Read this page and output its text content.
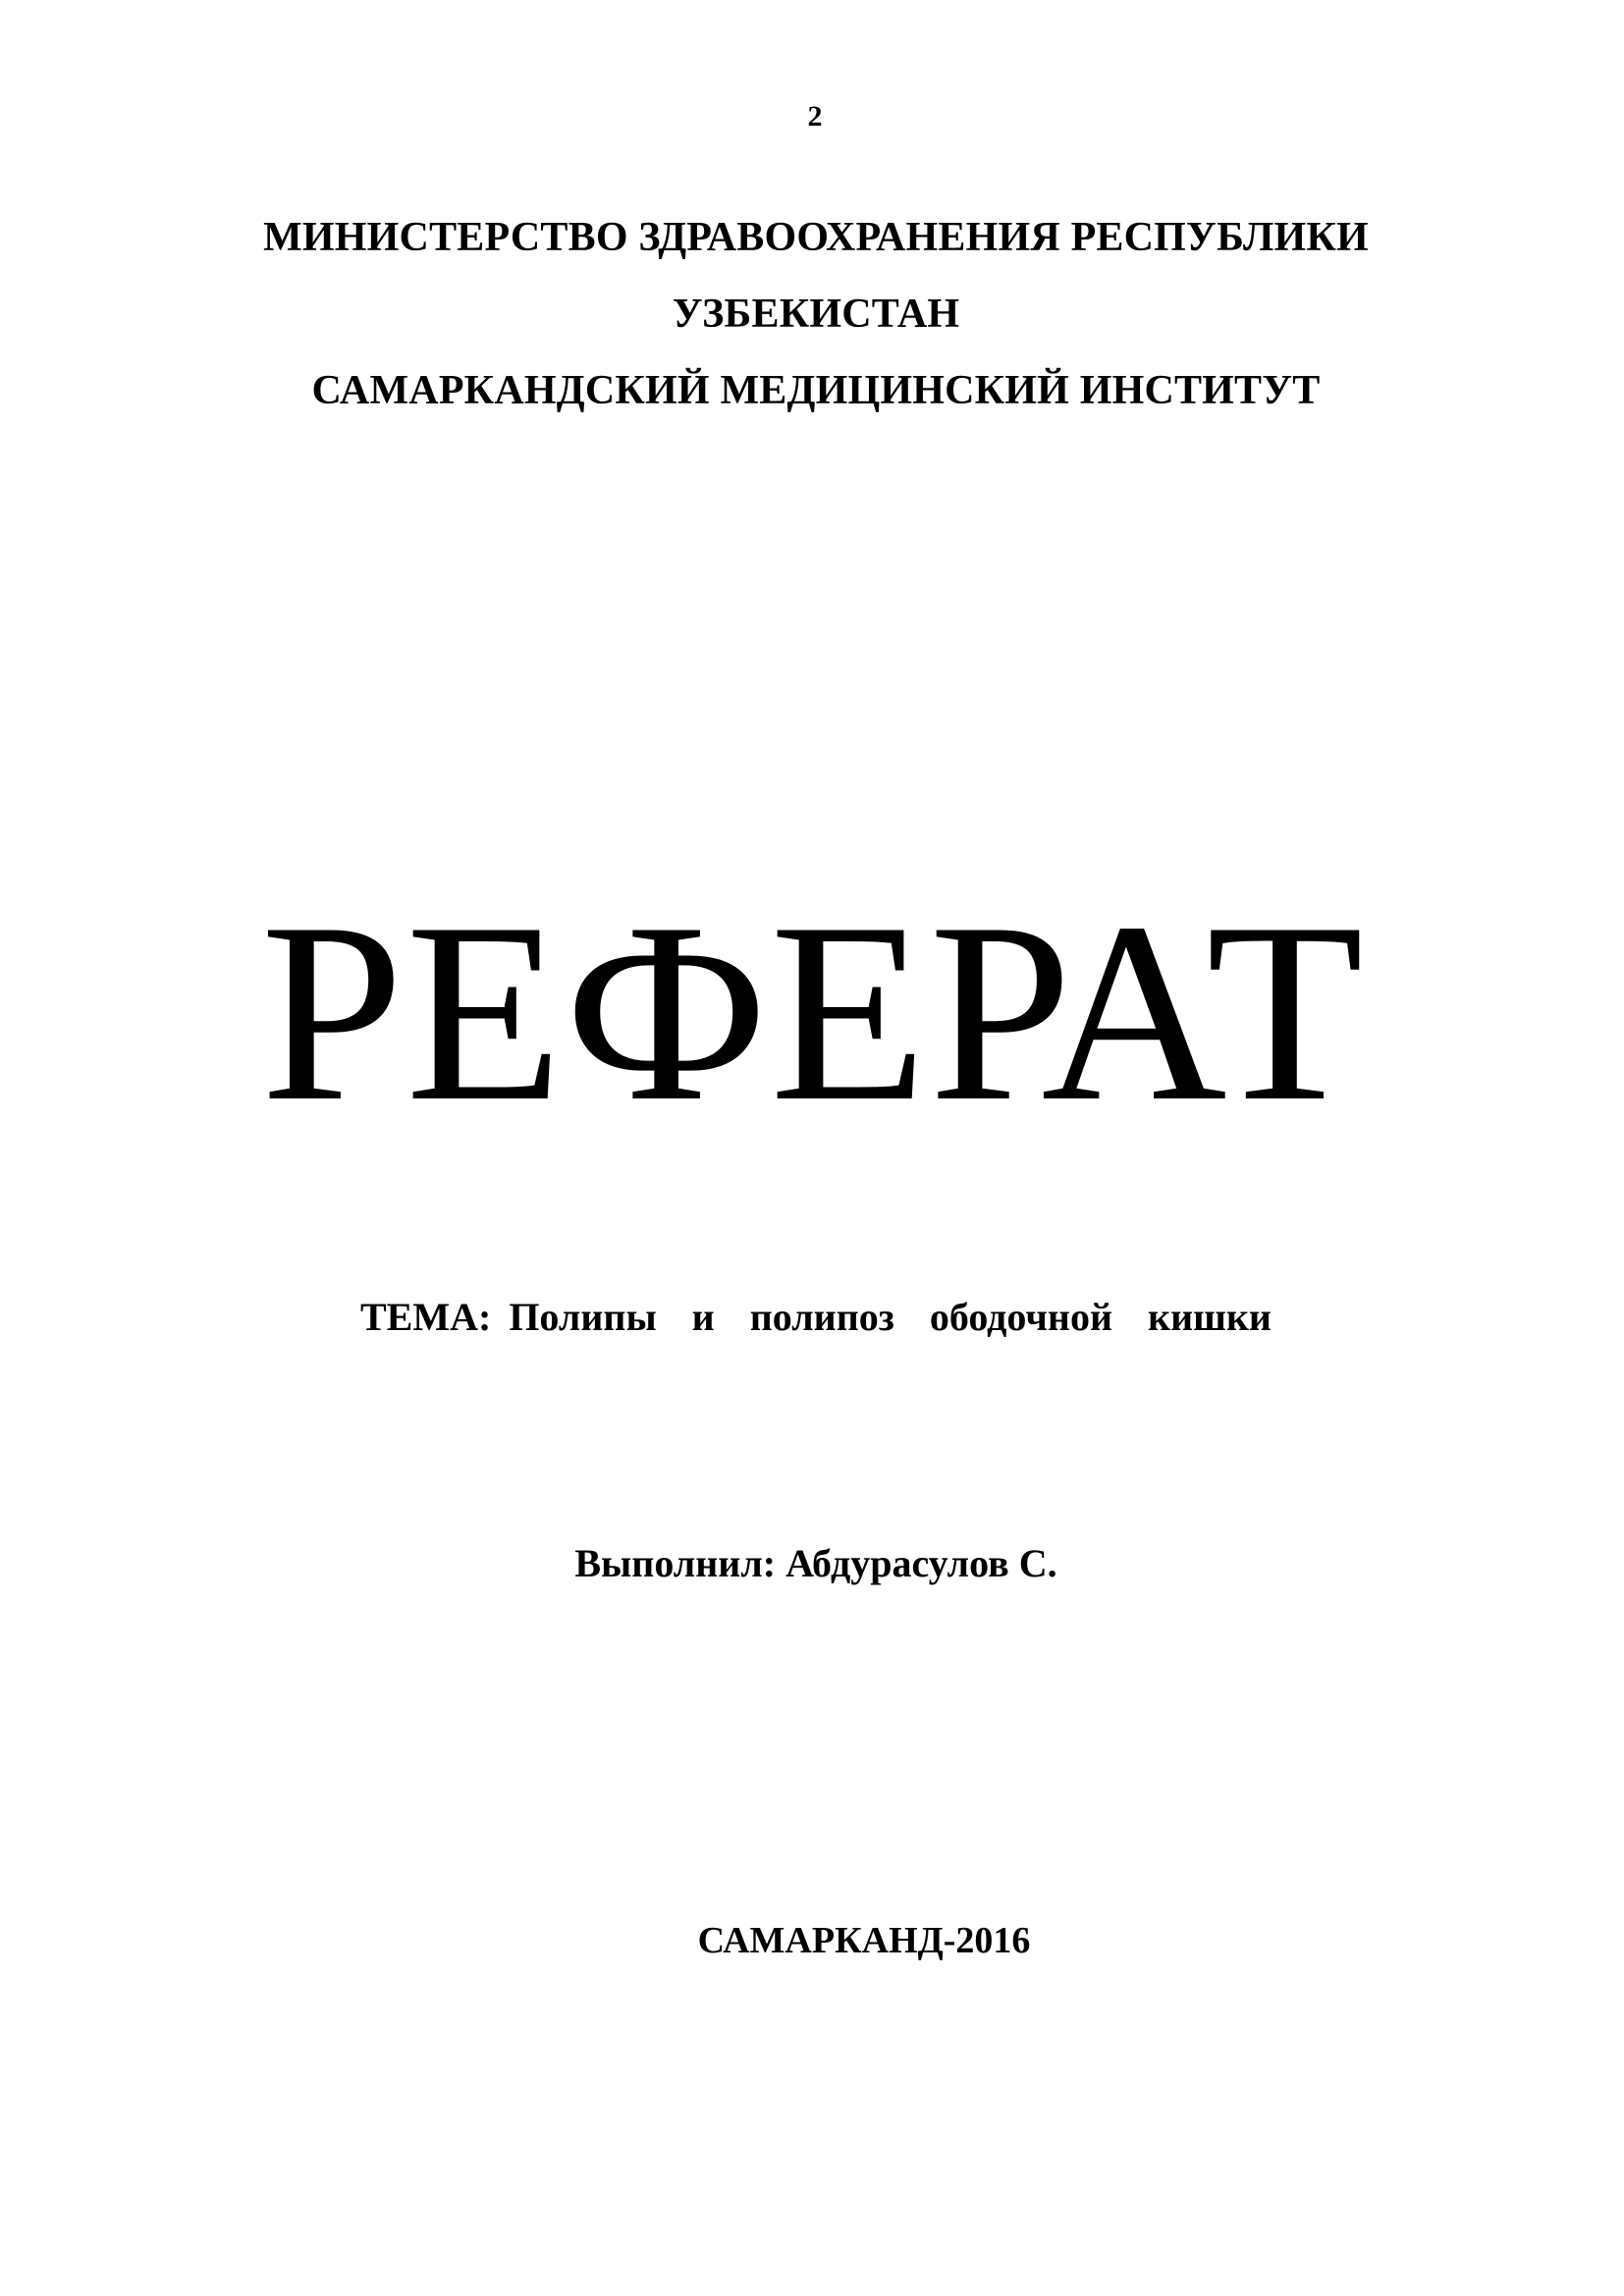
2
МИНИСТЕРСТВО ЗДРАВООХРАНЕНИЯ РЕСПУБЛИКИ
УЗБЕКИСТАН
САМАРКАНДСКИЙ МЕДИЦИНСКИЙ ИНСТИТУТ
РЕФЕРАТ
ТЕМА: Полипы  и  полипоз  ободочной  кишки
Выполнил: Абдурасулов С.
САМАРКАНД-2016
